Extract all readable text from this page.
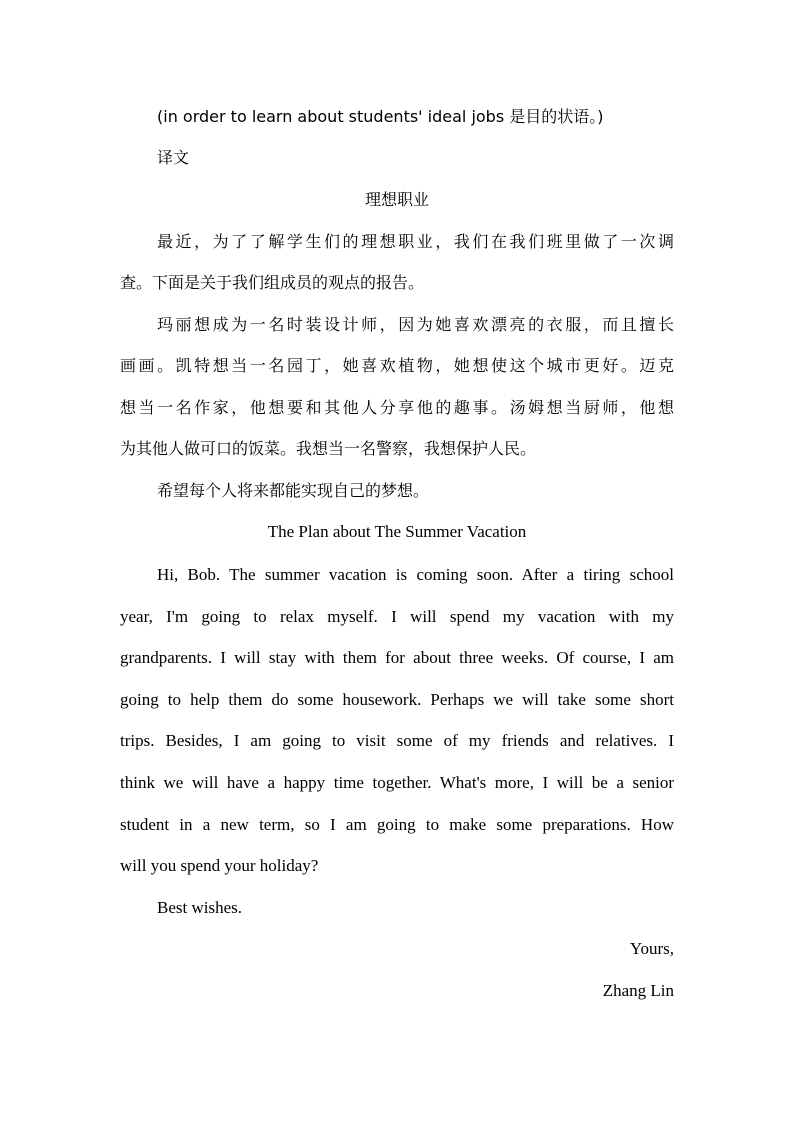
(in order to learn about students' ideal jobs 是目的状语。)
译文
理想职业
最近，为了了解学生们的理想职业，我们在我们班里做了一次调
查。下面是关于我们组成员的观点的报告。
玛丽想成为一名时装设计师，因为她喜欢漂亮的衣服，而且擅长
画画。凯特想当一名园丁，她喜欢植物，她想使这个城市更好。迈克
想当一名作家，他想要和其他人分享他的趣事。汤姆想当厨师，他想
为其他人做可口的饭菜。我想当一名警察，我想保护人民。
希望每个人将来都能实现自己的梦想。
The Plan about The Summer Vacation
Hi, Bob. The summer vacation is coming soon. After a tiring school
year, I'm going to relax myself. I will spend my vacation with my
grandparents. I will stay with them for about three weeks. Of course, I am
going to help them do some housework. Perhaps we will take some short
trips. Besides, I am going to visit some of my friends and relatives. I
think we will have a happy time together. What's more, I will be a senior
student in a new term, so I am going to make some preparations. How
will you spend your holiday?
Best wishes.
Yours,
Zhang Lin
